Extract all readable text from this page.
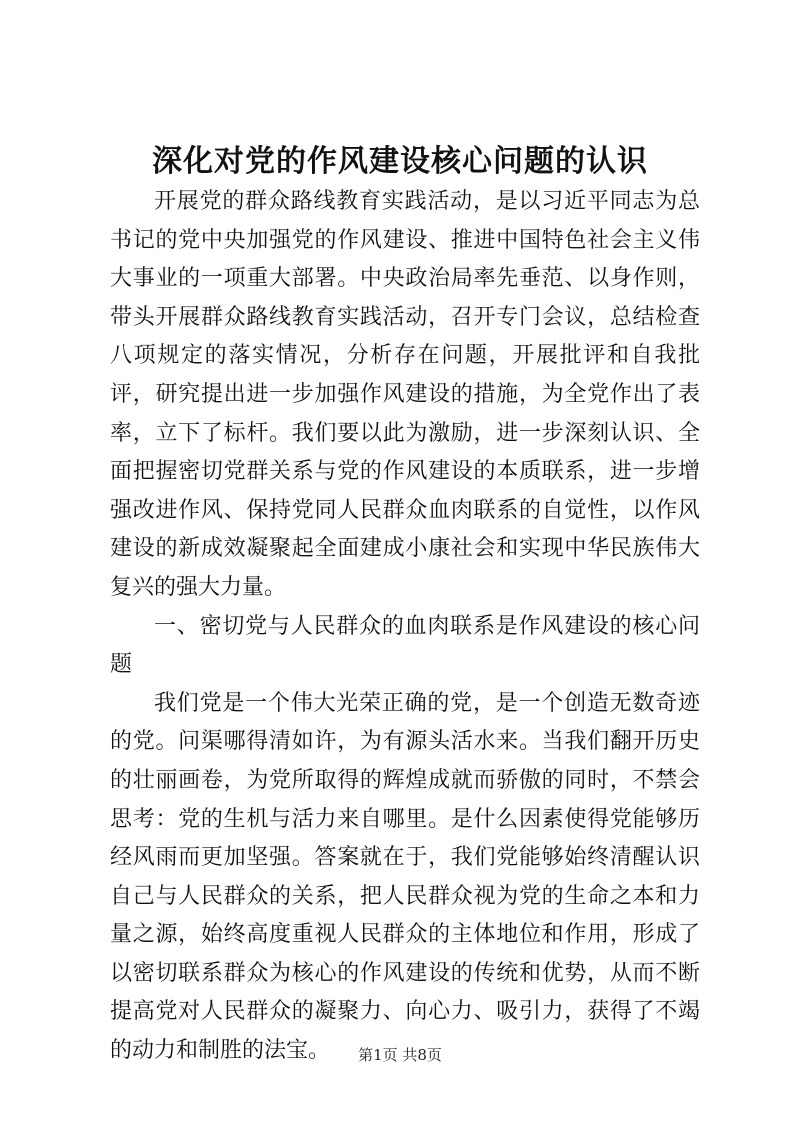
深化对党的作风建设核心问题的认识

开展党的群众路线教育实践活动，是以习近平同志为总书记的党中央加强党的作风建设、推进中国特色社会主义伟大事业的一项重大部署。中央政治局率先垂范、以身作则，带头开展群众路线教育实践活动，召开专门会议，总结检查八项规定的落实情况，分析存在问题，开展批评和自我批评，研究提出进一步加强作风建设的措施，为全党作出了表率，立下了标杆。我们要以此为激励，进一步深刻认识、全面把握密切党群关系与党的作风建设的本质联系，进一步增强改进作风、保持党同人民群众血肉联系的自觉性，以作风建设的新成效凝聚起全面建成小康社会和实现中华民族伟大复兴的强大力量。

一、密切党与人民群众的血肉联系是作风建设的核心问题

我们党是一个伟大光荣正确的党，是一个创造无数奇迹的党。问渠哪得清如许，为有源头活水来。当我们翻开历史的壮丽画卷，为党所取得的辉煌成就而骄傲的同时，不禁会思考：党的生机与活力来自哪里。是什么因素使得党能够历经风雨而更加坚强。答案就在于，我们党能够始终清醒认识自己与人民群众的关系，把人民群众视为党的生命之本和力量之源，始终高度重视人民群众的主体地位和作用，形成了以密切联系群众为核心的作风建设的传统和优势，从而不断提高党对人民群众的凝聚力、向心力、吸引力，获得了不竭的动力和制胜的法宝。	第1页 共8页
